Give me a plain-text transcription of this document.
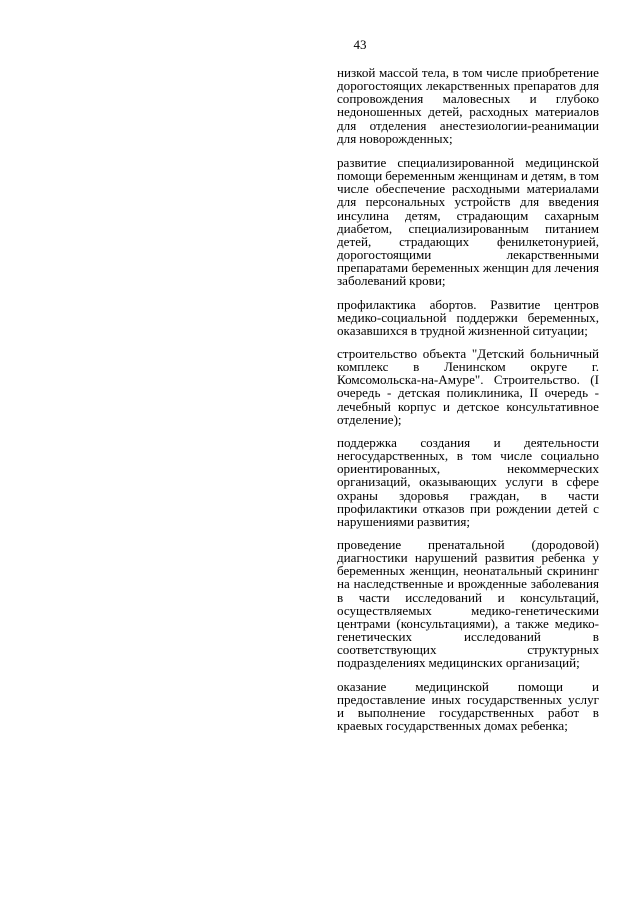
43

низкой массой тела, в том числе приобретение дорогостоящих лекарственных препаратов для сопровождения маловесных и глубоко недоношенных детей, расходных материалов для отделения анестезиологии-реанимации для новорожденных;

развитие специализированной медицинской помощи беременным женщинам и детям, в том числе обеспечение расходными материалами для персональных устройств для введения инсулина детям, страдающим сахарным диабетом, специализированным питанием детей, страдающих фенилкетонурией, дорогостоящими лекарственными препаратами беременных женщин для лечения заболеваний крови;

профилактика абортов. Развитие центров медико-социальной поддержки беременных, оказавшихся в трудной жизненной ситуации;

строительство объекта "Детский больничный комплекс в Ленинском округе г. Комсомольска-на-Амуре". Строительство. (I очередь - детская поликлиника, II очередь - лечебный корпус и детское консультативное отделение);

поддержка создания и деятельности негосударственных, в том числе социально ориентированных, некоммерческих организаций, оказывающих услуги в сфере охраны здоровья граждан, в части профилактики отказов при рождении детей с нарушениями развития;

проведение пренатальной (дородовой) диагностики нарушений развития ребенка у беременных женщин, неонатальный скрининг на наследственные и врожденные заболевания в части исследований и консультаций, осуществляемых медико-генетическими центрами (консультациями), а также медико-генетических исследований в соответствующих структурных подразделениях медицинских организаций;

оказание медицинской помощи и предоставление иных государственных услуг и выполнение государственных работ в краевых государственных домах ребенка;
